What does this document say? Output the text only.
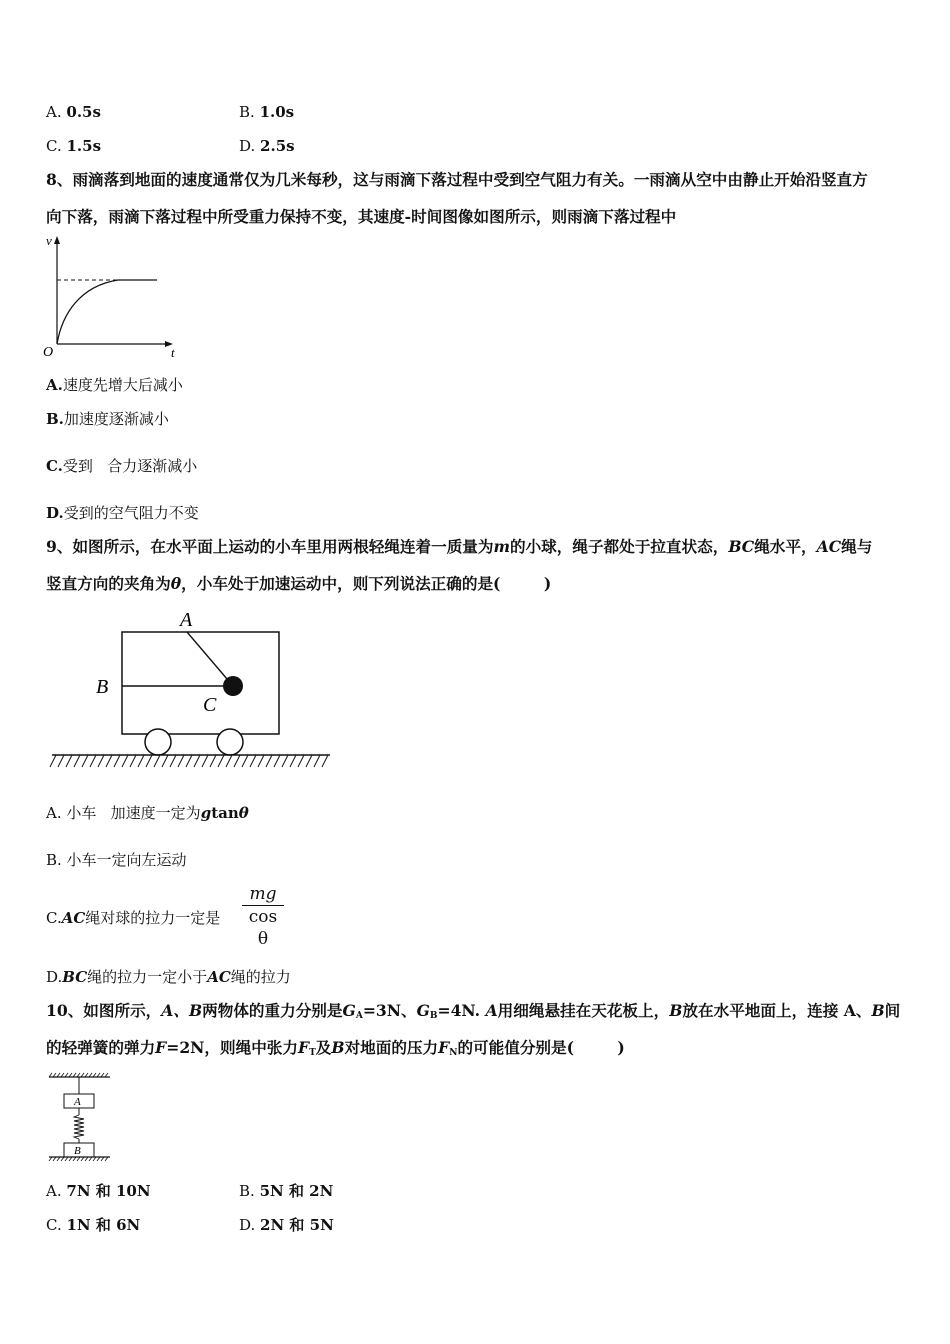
A. 0.5s	B. 1.0s
C. 1.5s	D. 2.5s
8、雨滴落到地面的速度通常仅为几米每秒，这与雨滴下落过程中受到空气阻力有关。一雨滴从空中由静止开始沿竖直方
向下落，雨滴下落过程中所受重力保持不变，其速度-时间图像如图所示，则雨滴下落过程中
v
t
O
A.速度先增大后减小
B.加速度逐渐减小
C.受到   合力逐渐减小
D.受到的空气阻力不变
9、如图所示，在水平面上运动的小车里用两根轻绳连着一质量为m的小球，绳子都处于拉直状态，BC绳水平，AC绳与
竖直方向的夹角为θ，小车处于加速运动中，则下列说法正确的是(        )
A
B
C
A. 小车   加速度一定为gtanθ
B. 小车一定向左运动
C.AC绳对球的拉力一定是 $\frac{mg}{\text{cos θ}}$
D.BC绳的拉力一定小于AC绳的拉力
10、如图所示，A、B两物体的重力分别是$G_A=3N$、$G_B=4N$. A用细绳悬挂在天花板上，B放在水平地面上，连接 A、B间
的轻弹簧的弹力F=2N，则绳中张力$F_T$及B对地面的压力$F_N$的可能值分别是(        )
A
B
A. 7N 和 10N	B. 5N 和 2N
C. 1N 和 6N	D. 2N 和 5N
